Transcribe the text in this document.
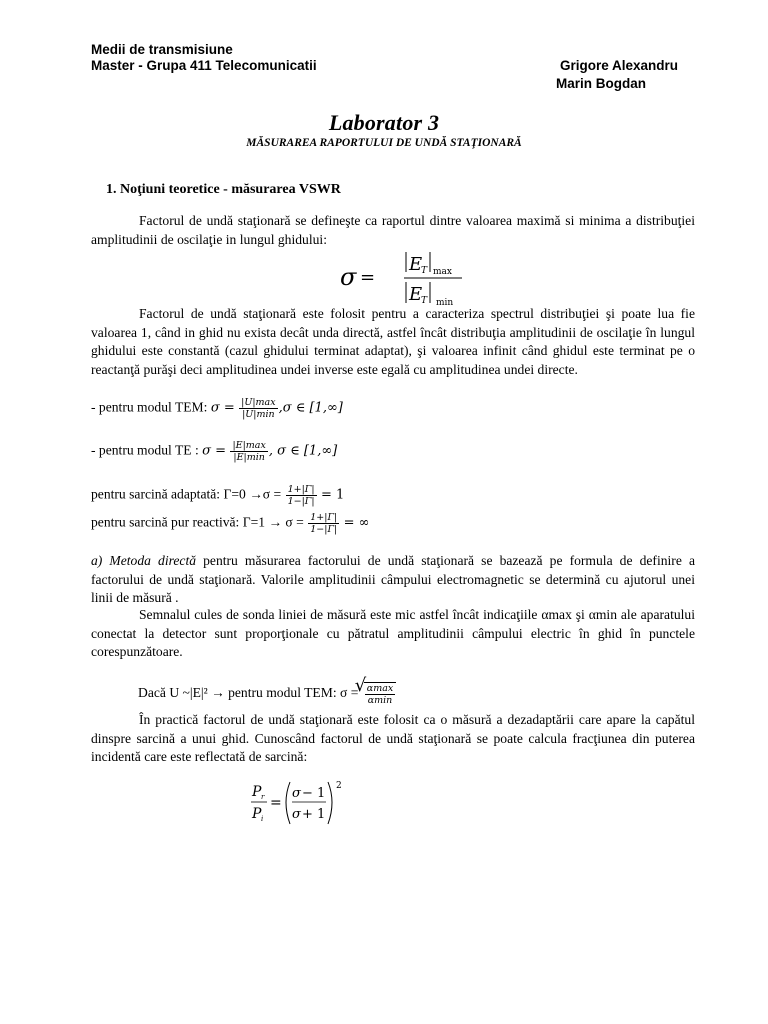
Medii de transmisiune
Master - Grupa 411 Telecomunicatii	Grigore Alexandru
Marin Bogdan
Laborator 3
MĂSURAREA RAPORTULUI DE UNDĂ STAŢIONARĂ
1. Noţiuni teoretice - măsurarea VSWR
Factorul de undă staţionară se defineşte ca raportul dintre valoarea maximă si minima a distribuţiei amplitudinii de oscilaţie in lungul ghidului:
σ =
E
T max
E
T min
Factorul de undă staţionară este folosit pentru a caracteriza spectrul distribuţiei şi poate lua fie valoarea 1, când in ghid nu exista decât unda directă, astfel încât distribuţia amplitudinii de oscilaţie în lungul ghidului este constantă (cazul ghidului terminat adaptat), şi valoarea infinit când ghidul este terminat pe o reactanţă purăşi deci amplitudinea undei inverse este egală cu amplitudinea undei directe.
- pentru modul TEM: $\sigma = \frac{|U|\max}{|U|\min} ,\sigma$ ∈ [1,∞]
- pentru modul TE : $\sigma = \frac{|E|\max}{|E|\min}$ , σ ∈ [1,∞]
pentru sarcină adaptată: $\Gamma=0 \to\sigma = \frac{1+|\Gamma|}{1-|\Gamma|} = 1$
pentru sarcină pur reactivă: $\Gamma=1 \to \sigma = \frac{1+|\Gamma|}{1-|\Gamma|}$ = ∞
a) Metoda directă pentru măsurarea factorului de undă staţionară se bazează pe formula de definire a factorului de undă staţionară. Valorile amplitudinii câmpului electromagnetic se determină cu ajutorul unei linii de măsură .
Semnalul cules de sonda liniei de măsură este mic astfel încât indicaţiile αmax şi αmin ale aparatului conectat la detector sunt proporţionale cu pătratul amplitudinii câmpului electric în ghid în punctele corespunzătoare.
Dacă U ~|E|² → pentru modul TEM: σ =
√
$\frac{\alpha\max}{\alpha\min}$
În practică factorul de undă staţionară este folosit ca o măsură a dezadaptării care apare la capătul dinspre sarcină a unui ghid. Cunoscând factorul de undă staţionară se poate calcula fracţiunea din puterea incidentă care este reflectată de sarcină:
P r
P i
=
σ − 1
σ + 1
2
